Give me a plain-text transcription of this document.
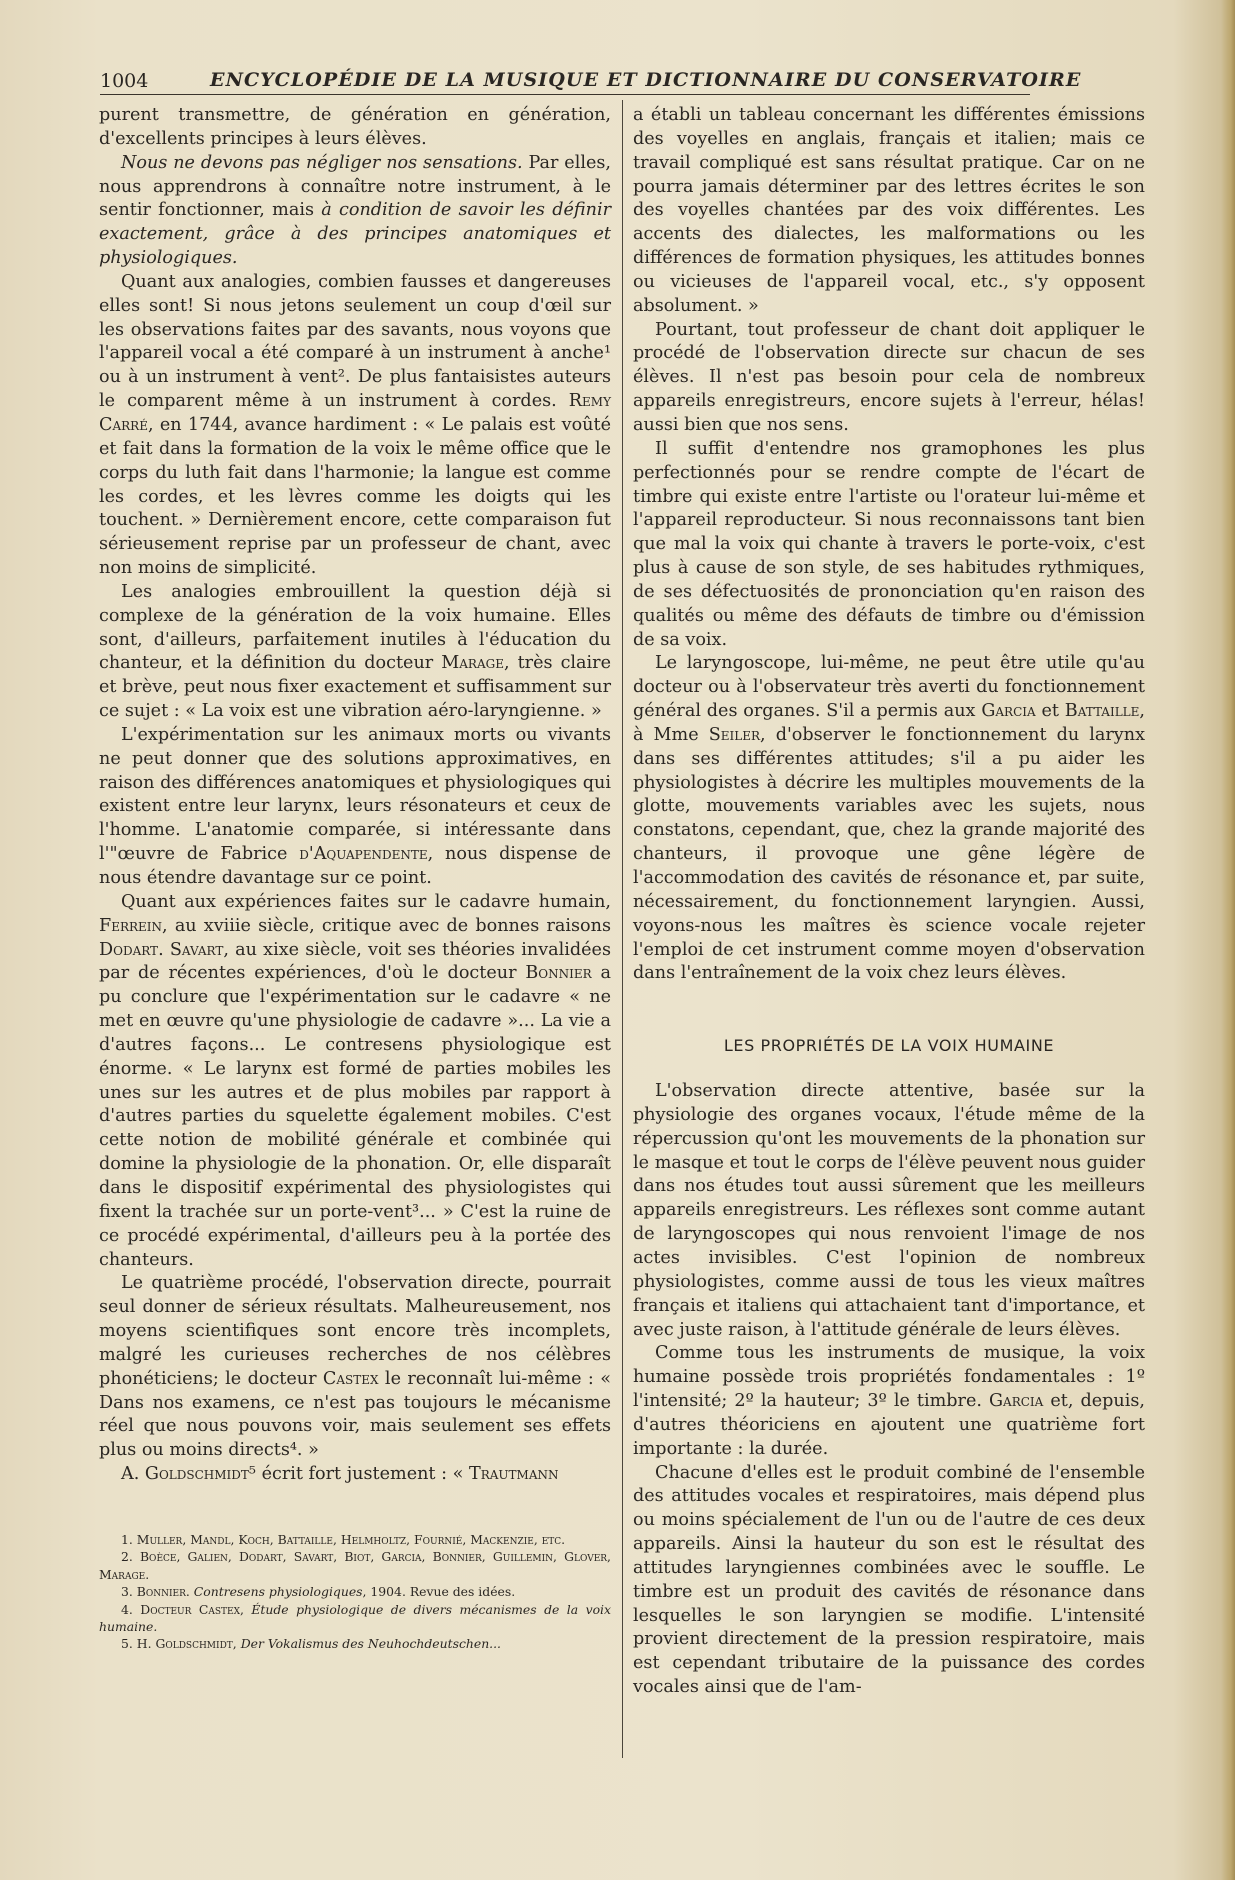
1004	ENCYCLOPÉDIE DE LA MUSIQUE ET DICTIONNAIRE DU CONSERVATOIRE

purent transmettre, de génération en génération, d'excellents principes à leurs élèves.

Nous ne devons pas négliger nos sensations. Par elles, nous apprendrons à connaître notre instrument, à le sentir fonctionner, mais à condition de savoir les définir exactement, grâce à des principes anatomiques et physiologiques.

Quant aux analogies, combien fausses et dangereuses elles sont! Si nous jetons seulement un coup d'œil sur les observations faites par des savants, nous voyons que l'appareil vocal a été comparé à un instrument à anche¹ ou à un instrument à vent². De plus fantaisistes auteurs le comparent même à un instrument à cordes. Remy Carré, en 1744, avance hardiment : « Le palais est voûté et fait dans la formation de la voix le même office que le corps du luth fait dans l'harmonie; la langue est comme les cordes, et les lèvres comme les doigts qui les touchent. » Dernièrement encore, cette comparaison fut sérieusement reprise par un professeur de chant, avec non moins de simplicité.

Les analogies embrouillent la question déjà si complexe de la génération de la voix humaine. Elles sont, d'ailleurs, parfaitement inutiles à l'éducation du chanteur, et la définition du docteur Marage, très claire et brève, peut nous fixer exactement et suffisamment sur ce sujet : « La voix est une vibration aéro-laryngienne. »

L'expérimentation sur les animaux morts ou vivants ne peut donner que des solutions approximatives, en raison des différences anatomiques et physiologiques qui existent entre leur larynx, leurs résonateurs et ceux de l'homme. L'anatomie comparée, si intéressante dans l'"œuvre de Fabrice d'Aquapendente, nous dispense de nous étendre davantage sur ce point.

Quant aux expériences faites sur le cadavre humain, Ferrein, au xviiie siècle, critique avec de bonnes raisons Dodart. Savart, au xixe siècle, voit ses théories invalidées par de récentes expériences, d'où le docteur Bonnier a pu conclure que l'expérimentation sur le cadavre « ne met en œuvre qu'une physiologie de cadavre »... La vie a d'autres façons... Le contresens physiologique est énorme. « Le larynx est formé de parties mobiles les unes sur les autres et de plus mobiles par rapport à d'autres parties du squelette également mobiles. C'est cette notion de mobilité générale et combinée qui domine la physiologie de la phonation. Or, elle disparaît dans le dispositif expérimental des physiologistes qui fixent la trachée sur un porte-vent³... » C'est la ruine de ce procédé expérimental, d'ailleurs peu à la portée des chanteurs.

Le quatrième procédé, l'observation directe, pourrait seul donner de sérieux résultats. Malheureusement, nos moyens scientifiques sont encore très incomplets, malgré les curieuses recherches de nos célèbres phonéticiens; le docteur Castex le reconnaît lui-même : « Dans nos examens, ce n'est pas toujours le mécanisme réel que nous pouvons voir, mais seulement ses effets plus ou moins directs⁴. »

A. Goldschmidt⁵ écrit fort justement : « Trautmann

1. Muller, Mandl, Koch, Battaille, Helmholtz, Fournié, Mackenzie, etc.

2. Boèce, Galien, Dodart, Savart, Biot, Garcia, Bonnier, Guillemin, Glover, Marage.

3. Bonnier. Contresens physiologiques, 1904. Revue des idées.

4. Docteur Castex, Étude physiologique de divers mécanismes de la voix humaine.

5. H. Goldschmidt, Der Vokalismus des Neuhochdeutschen...

a établi un tableau concernant les différentes émissions des voyelles en anglais, français et italien; mais ce travail compliqué est sans résultat pratique. Car on ne pourra jamais déterminer par des lettres écrites le son des voyelles chantées par des voix différentes. Les accents des dialectes, les malformations ou les différences de formation physiques, les attitudes bonnes ou vicieuses de l'appareil vocal, etc., s'y opposent absolument. »

Pourtant, tout professeur de chant doit appliquer le procédé de l'observation directe sur chacun de ses élèves. Il n'est pas besoin pour cela de nombreux appareils enregistreurs, encore sujets à l'erreur, hélas! aussi bien que nos sens.

Il suffit d'entendre nos gramophones les plus perfectionnés pour se rendre compte de l'écart de timbre qui existe entre l'artiste ou l'orateur lui-même et l'appareil reproducteur. Si nous reconnaissons tant bien que mal la voix qui chante à travers le porte-voix, c'est plus à cause de son style, de ses habitudes rythmiques, de ses défectuosités de prononciation qu'en raison des qualités ou même des défauts de timbre ou d'émission de sa voix.

Le laryngoscope, lui-même, ne peut être utile qu'au docteur ou à l'observateur très averti du fonctionnement général des organes. S'il a permis aux Garcia et Battaille, à Mme Seiler, d'observer le fonctionnement du larynx dans ses différentes attitudes; s'il a pu aider les physiologistes à décrire les multiples mouvements de la glotte, mouvements variables avec les sujets, nous constatons, cependant, que, chez la grande majorité des chanteurs, il provoque une gêne légère de l'accommodation des cavités de résonance et, par suite, nécessairement, du fonctionnement laryngien. Aussi, voyons-nous les maîtres ès science vocale rejeter l'emploi de cet instrument comme moyen d'observation dans l'entraînement de la voix chez leurs élèves.

LES PROPRIÉTÉS DE LA VOIX HUMAINE

L'observation directe attentive, basée sur la physiologie des organes vocaux, l'étude même de la répercussion qu'ont les mouvements de la phonation sur le masque et tout le corps de l'élève peuvent nous guider dans nos études tout aussi sûrement que les meilleurs appareils enregistreurs. Les réflexes sont comme autant de laryngoscopes qui nous renvoient l'image de nos actes invisibles. C'est l'opinion de nombreux physiologistes, comme aussi de tous les vieux maîtres français et italiens qui attachaient tant d'importance, et avec juste raison, à l'attitude générale de leurs élèves.

Comme tous les instruments de musique, la voix humaine possède trois propriétés fondamentales : 1º l'intensité; 2º la hauteur; 3º le timbre. Garcia et, depuis, d'autres théoriciens en ajoutent une quatrième fort importante : la durée.

Chacune d'elles est le produit combiné de l'ensemble des attitudes vocales et respiratoires, mais dépend plus ou moins spécialement de l'un ou de l'autre de ces deux appareils. Ainsi la hauteur du son est le résultat des attitudes laryngiennes combinées avec le souffle. Le timbre est un produit des cavités de résonance dans lesquelles le son laryngien se modifie. L'intensité provient directement de la pression respiratoire, mais est cependant tributaire de la puissance des cordes vocales ainsi que de l'am-
